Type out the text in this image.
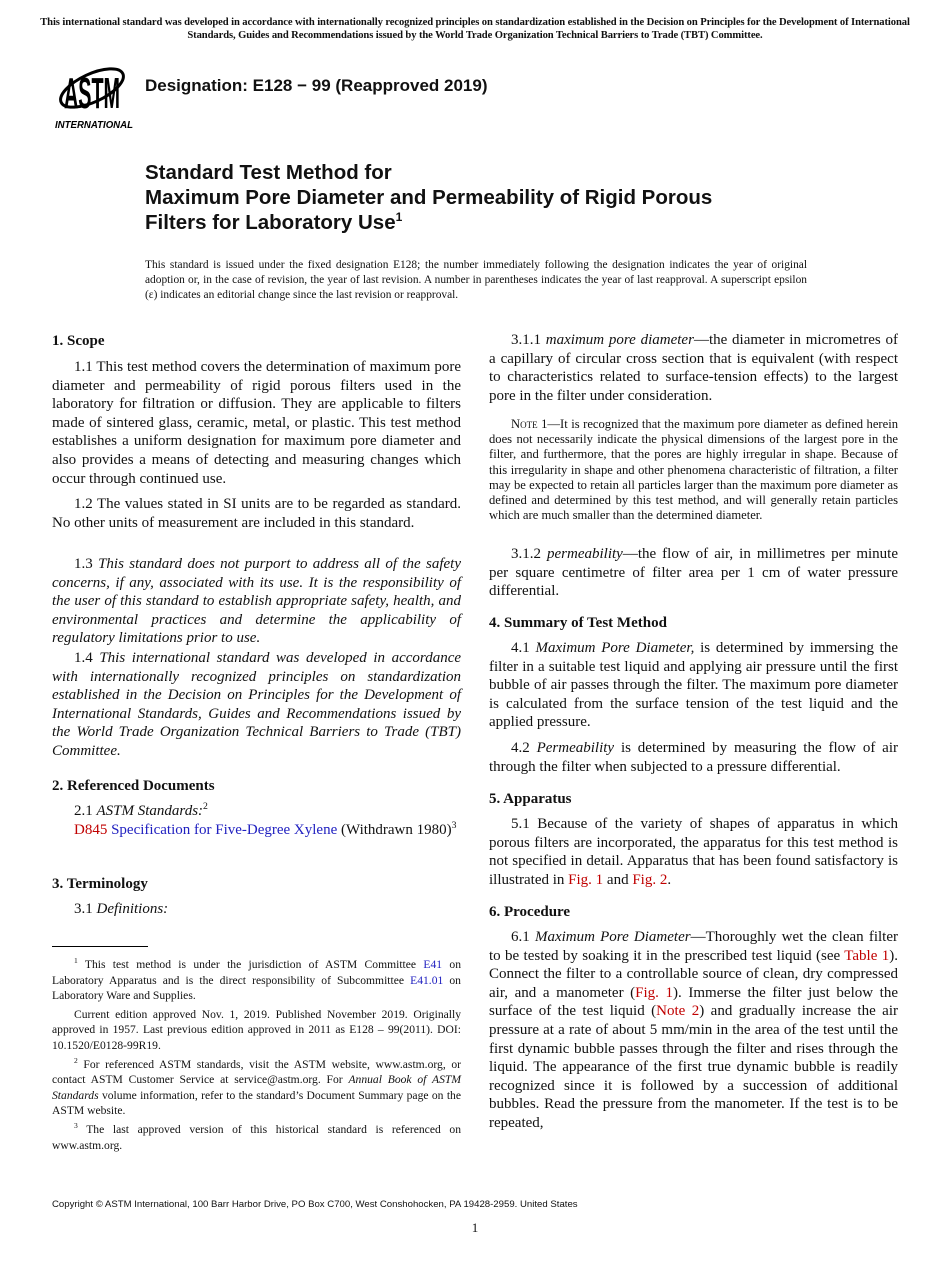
This international standard was developed in accordance with internationally recognized principles on standardization established in the Decision on Principles for the Development of International Standards, Guides and Recommendations issued by the World Trade Organization Technical Barriers to Trade (TBT) Committee.
ASTM
INTERNATIONAL
Designation: E128 − 99 (Reapproved 2019)
Standard Test Method for
Maximum Pore Diameter and Permeability of Rigid Porous
Filters for Laboratory Use$^1$
This standard is issued under the fixed designation E128; the number immediately following the designation indicates the year of original adoption or, in the case of revision, the year of last revision. A number in parentheses indicates the year of last reapproval. A superscript epsilon (ε) indicates an editorial change since the last revision or reapproval.
1. Scope

1.1 This test method covers the determination of maximum pore diameter and permeability of rigid porous filters used in the laboratory for filtration or diffusion. They are applicable to filters made of sintered glass, ceramic, metal, or plastic. This test method establishes a uniform designation for maximum pore diameter and also provides a means of detecting and measuring changes which occur through continued use.

1.2 The values stated in SI units are to be regarded as standard. No other units of measurement are included in this standard.

1.3 This standard does not purport to address all of the safety concerns, if any, associated with its use. It is the responsibility of the user of this standard to establish appropriate safety, health, and environmental practices and determine the applicability of regulatory limitations prior to use.

1.4 This international standard was developed in accordance with internationally recognized principles on standardization established in the Decision on Principles for the Development of International Standards, Guides and Recommendations issued by the World Trade Organization Technical Barriers to Trade (TBT) Committee.

2. Referenced Documents

2.1 ASTM Standards:$^2$

D845 Specification for Five-Degree Xylene (Withdrawn 1980)$^3$

3. Terminology

3.1 Definitions:

$^1$ This test method is under the jurisdiction of ASTM Committee E41 on Laboratory Apparatus and is the direct responsibility of Subcommittee E41.01 on Laboratory Ware and Supplies.

Current edition approved Nov. 1, 2019. Published November 2019. Originally approved in 1957. Last previous edition approved in 2011 as E128 – 99(2011). DOI: 10.1520/E0128-99R19.

$^2$ For referenced ASTM standards, visit the ASTM website, www.astm.org, or contact ASTM Customer Service at service@astm.org. For Annual Book of ASTM Standards volume information, refer to the standard’s Document Summary page on the ASTM website.

$^3$ The last approved version of this historical standard is referenced on www.astm.org.

3.1.1 maximum pore diameter—the diameter in micrometres of a capillary of circular cross section that is equivalent (with respect to characteristics related to surface-tension effects) to the largest pore in the filter under consideration.

Note 1—It is recognized that the maximum pore diameter as defined herein does not necessarily indicate the physical dimensions of the largest pore in the filter, and furthermore, that the pores are highly irregular in shape. Because of this irregularity in shape and other phenomena characteristic of filtration, a filter may be expected to retain all particles larger than the maximum pore diameter as defined and determined by this test method, and will generally retain particles which are much smaller than the determined diameter.

3.1.2 permeability—the flow of air, in millimetres per minute per square centimetre of filter area per 1 cm of water pressure differential.

4. Summary of Test Method

4.1 Maximum Pore Diameter, is determined by immersing the filter in a suitable test liquid and applying air pressure until the first bubble of air passes through the filter. The maximum pore diameter is calculated from the surface tension of the test liquid and the applied pressure.

4.2 Permeability is determined by measuring the flow of air through the filter when subjected to a pressure differential.

5. Apparatus

5.1 Because of the variety of shapes of apparatus in which porous filters are incorporated, the apparatus for this test method is not specified in detail. Apparatus that has been found satisfactory is illustrated in Fig. 1 and Fig. 2.

6. Procedure

6.1 Maximum Pore Diameter—Thoroughly wet the clean filter to be tested by soaking it in the prescribed test liquid (see Table 1). Connect the filter to a controllable source of clean, dry compressed air, and a manometer (Fig. 1). Immerse the filter just below the surface of the test liquid (Note 2) and gradually increase the air pressure at a rate of about 5 mm/min in the area of the test until the first dynamic bubble passes through the filter and rises through the liquid. The appearance of the first true dynamic bubble is readily recognized since it is followed by a succession of additional bubbles. Read the pressure from the manometer. If the test is to be repeated,

Copyright © ASTM International, 100 Barr Harbor Drive, PO Box C700, West Conshohocken, PA 19428-2959. United States
1
